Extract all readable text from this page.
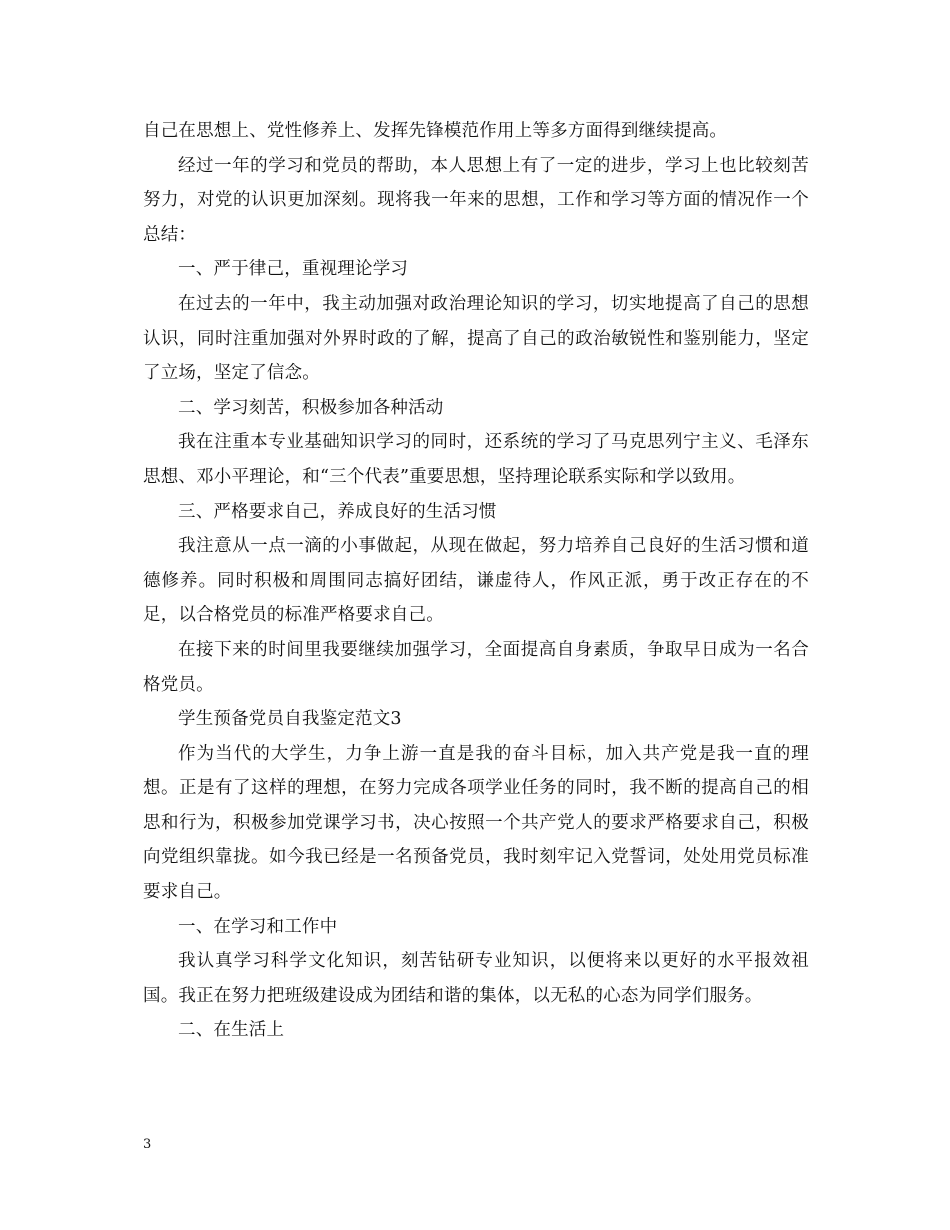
自己在思想上、党性修养上、发挥先锋模范作用上等多方面得到继续提高。

经过一年的学习和党员的帮助，本人思想上有了一定的进步，学习上也比较刻苦努力，对党的认识更加深刻。现将我一年来的思想，工作和学习等方面的情况作一个总结：

一、严于律己，重视理论学习

在过去的一年中，我主动加强对政治理论知识的学习，切实地提高了自己的思想认识，同时注重加强对外界时政的了解，提高了自己的政治敏锐性和鉴别能力，坚定了立场，坚定了信念。

二、学习刻苦，积极参加各种活动

我在注重本专业基础知识学习的同时，还系统的学习了马克思列宁主义、毛泽东思想、邓小平理论，和“三个代表”重要思想，坚持理论联系实际和学以致用。

三、严格要求自己，养成良好的生活习惯

我注意从一点一滴的小事做起，从现在做起，努力培养自己良好的生活习惯和道德修养。同时积极和周围同志搞好团结，谦虚待人，作风正派，勇于改正存在的不足，以合格党员的标准严格要求自己。

在接下来的时间里我要继续加强学习，全面提高自身素质，争取早日成为一名合格党员。

学生预备党员自我鉴定范文3

作为当代的大学生，力争上游一直是我的奋斗目标，加入共产党是我一直的理想。正是有了这样的理想，在努力完成各项学业任务的同时，我不断的提高自己的相思和行为，积极参加党课学习书，决心按照一个共产党人的要求严格要求自己，积极向党组织靠拢。如今我已经是一名预备党员，我时刻牢记入党誓词，处处用党员标准要求自己。

一、在学习和工作中

我认真学习科学文化知识，刻苦钻研专业知识，以便将来以更好的水平报效祖国。我正在努力把班级建设成为团结和谐的集体，以无私的心态为同学们服务。

二、在生活上

3
